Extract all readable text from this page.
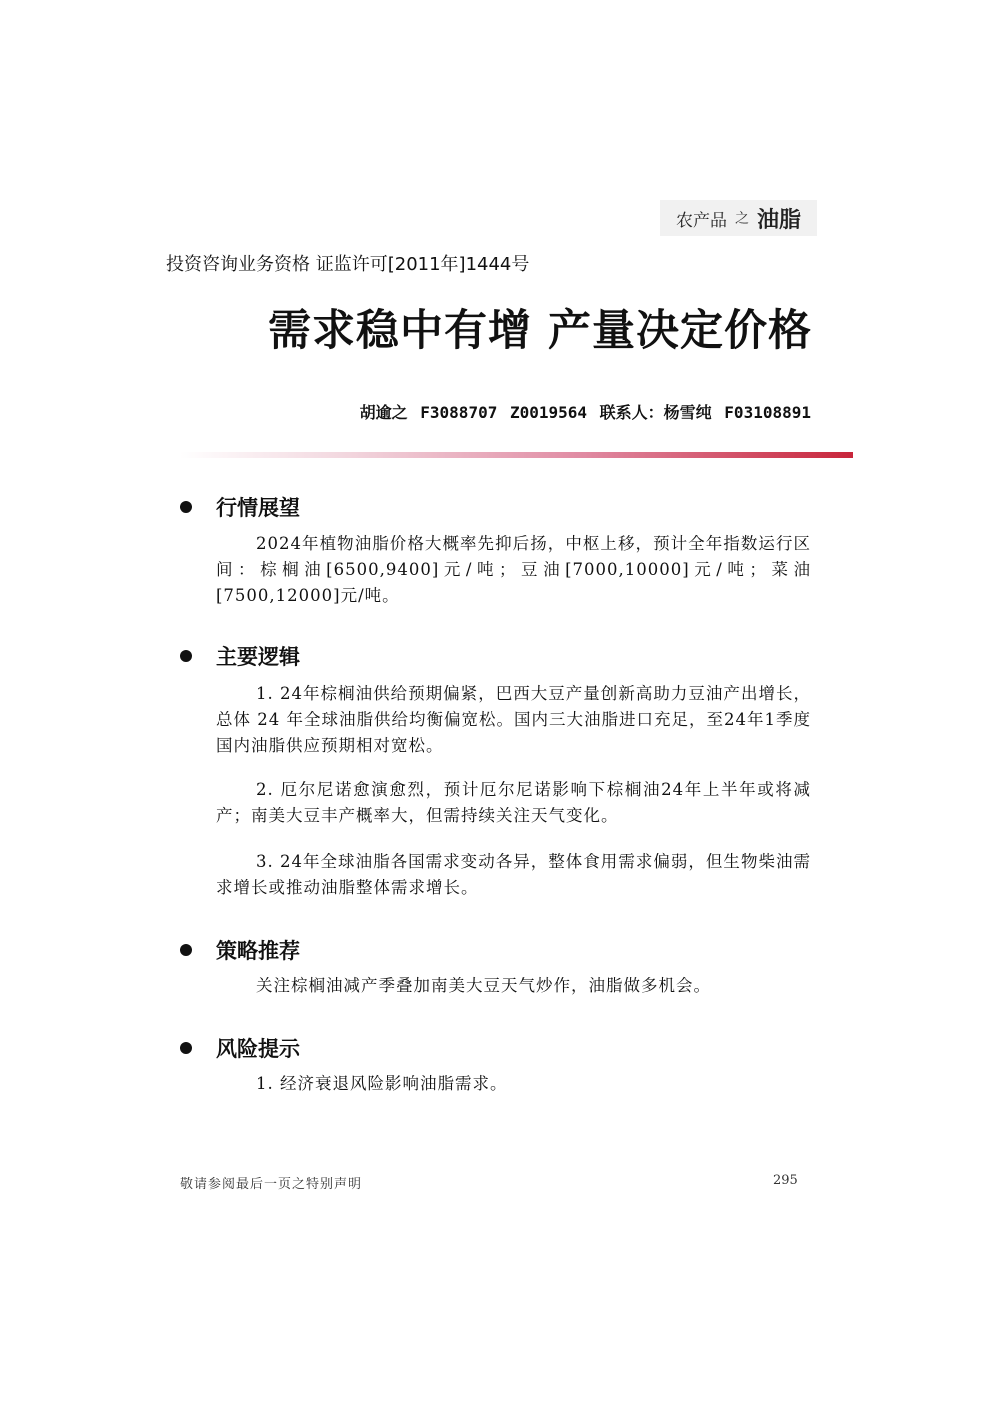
农产品 之 油脂
投资咨询业务资格 证监许可[2011年]1444号
需求稳中有增 产量决定价格
胡逾之 F3088707 Z0019564 联系人：杨雪纯 F03108891
行情展望

2024年植物油脂价格大概率先抑后扬，中枢上移，预计全年指数运行区间：棕榈油[6500,9400]元/吨；豆油[7000,10000]元/吨；菜油[7500,12000]元/吨。

主要逻辑

1. 24年棕榈油供给预期偏紧，巴西大豆产量创新高助力豆油产出增长，总体 24 年全球油脂供给均衡偏宽松。国内三大油脂进口充足，至24年1季度国内油脂供应预期相对宽松。

2. 厄尔尼诺愈演愈烈，预计厄尔尼诺影响下棕榈油24年上半年或将减产；南美大豆丰产概率大，但需持续关注天气变化。

3. 24年全球油脂各国需求变动各异，整体食用需求偏弱，但生物柴油需求增长或推动油脂整体需求增长。

策略推荐

关注棕榈油减产季叠加南美大豆天气炒作，油脂做多机会。

风险提示

1. 经济衰退风险影响油脂需求。

敬请参阅最后一页之特别声明	295
